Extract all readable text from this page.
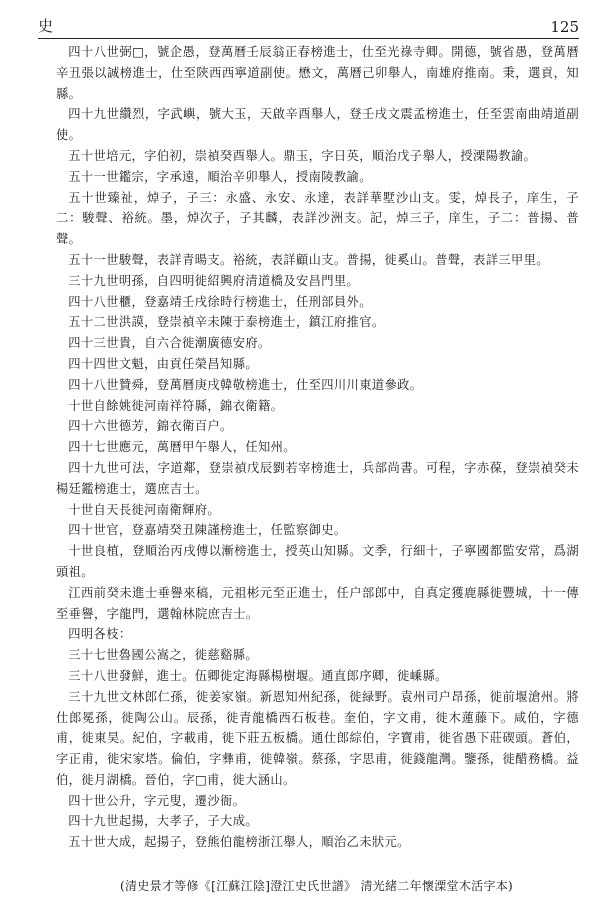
史	125

四十八世弼□，號企愚，登萬曆壬辰翁正春榜進士，仕至光祿寺卿。開德，號省愚，登萬曆辛丑張以誠榜進士，仕至陝西西寧道副使。懋文，萬曆己卯舉人，南雄府推南。秉，選貢，知縣。

四十九世纘烈，字武嶼，號大玉，天啟辛酉舉人，登壬戌文震孟榜進士，任至雲南曲靖道副使。

五十世培元，字伯初，崇禎癸酉舉人。鼎玉，字日英，順治戊子舉人，授溧陽教諭。

五十一世鑑宗，字承遠，順治辛卯舉人，授南陵教諭。

五十世臻祉，焯子，子三：永盛、永安、永達，表詳華墅沙山支。雯，焯長子，庠生，子二：駿聲、裕統。墨，焯次子，子其麟，表詳沙洲支。記，焯三子，庠生，子二：普揚、普聲。

五十一世駿聲，表詳青暘支。裕統，表詳顧山支。普揚，徙奚山。普聲，表詳三甲里。

三十九世明孫，自四明徙紹興府清道橋及安昌門里。

四十八世櫃，登嘉靖壬戌徐時行榜進士，任刑部員外。

五十二世洪謨，登崇禎辛未陳于泰榜進士，鎮江府推官。

四十三世貴，自六合徙潮廣德安府。

四十四世文魁，由貢任榮昌知縣。

四十八世贊舜，登萬曆庚戌韓敬榜進士，仕至四川川東道參政。

十世自餘姚徙河南祥符縣，錦衣衛籍。

四十六世德芳，錦衣衛百户。

四十七世應元，萬曆甲午舉人，任知州。

四十九世可法，字道鄰，登崇禎戊辰劉若宰榜進士，兵部尚書。可程，字赤葆，登崇禎癸未楊廷鑑榜進士，選庶吉士。

十世自天長徙河南衛輝府。

四十世官，登嘉靖癸丑陳謹榜進士，任監察御史。

十世良植，登順治丙戌傅以漸榜進士，授英山知縣。文季，行細十，子寧國都監安常，爲湖頭祖。

江西前癸未進士垂譽來稿，元祖彬元至正進士，任户部郎中，自真定獲鹿縣徙豐城，十一傳至垂譽，字龍門，選翰林院庶吉士。

四明各枝：

三十七世魯國公嵩之，徙慈谿縣。

三十八世發鮮，進士。伍卿徙定海縣楊樹堰。通直郎序卿，徙嵊縣。

三十九世文林郎仁孫，徙姜家嶺。新恩知州紀孫，徙緑野。袁州司户昂孫，徙前堰滄州。將仕郎冕孫，徙陶公山。辰孫，徙青龍橋西石板巷。奎伯，字文甫，徙木蓮藤下。咸伯，字德甫，徙東昊。紀伯，字載甫，徙下莊五板橋。通仕郎綜伯，字寶甫，徙省愚下莊碶頭。蒼伯，字正甫，徙宋家塔。倫伯，字彝甫，徙韓嶺。蔡孫，字思甫，徙錢龍灣。鑒孫，徙醋務橋。益伯，徙月湖橋。晉伯，字□甫，徙大涵山。

四十世公升，字元叟，遷沙衙。

四十九世起揚，大孝子，子大成。

五十世大成，起揚子，登熊伯龍榜浙江舉人，順治乙未狀元。

(清史景才等修《[江蘇江陰]澄江史氏世譜》 清光緒二年懷溧堂木活字本)
